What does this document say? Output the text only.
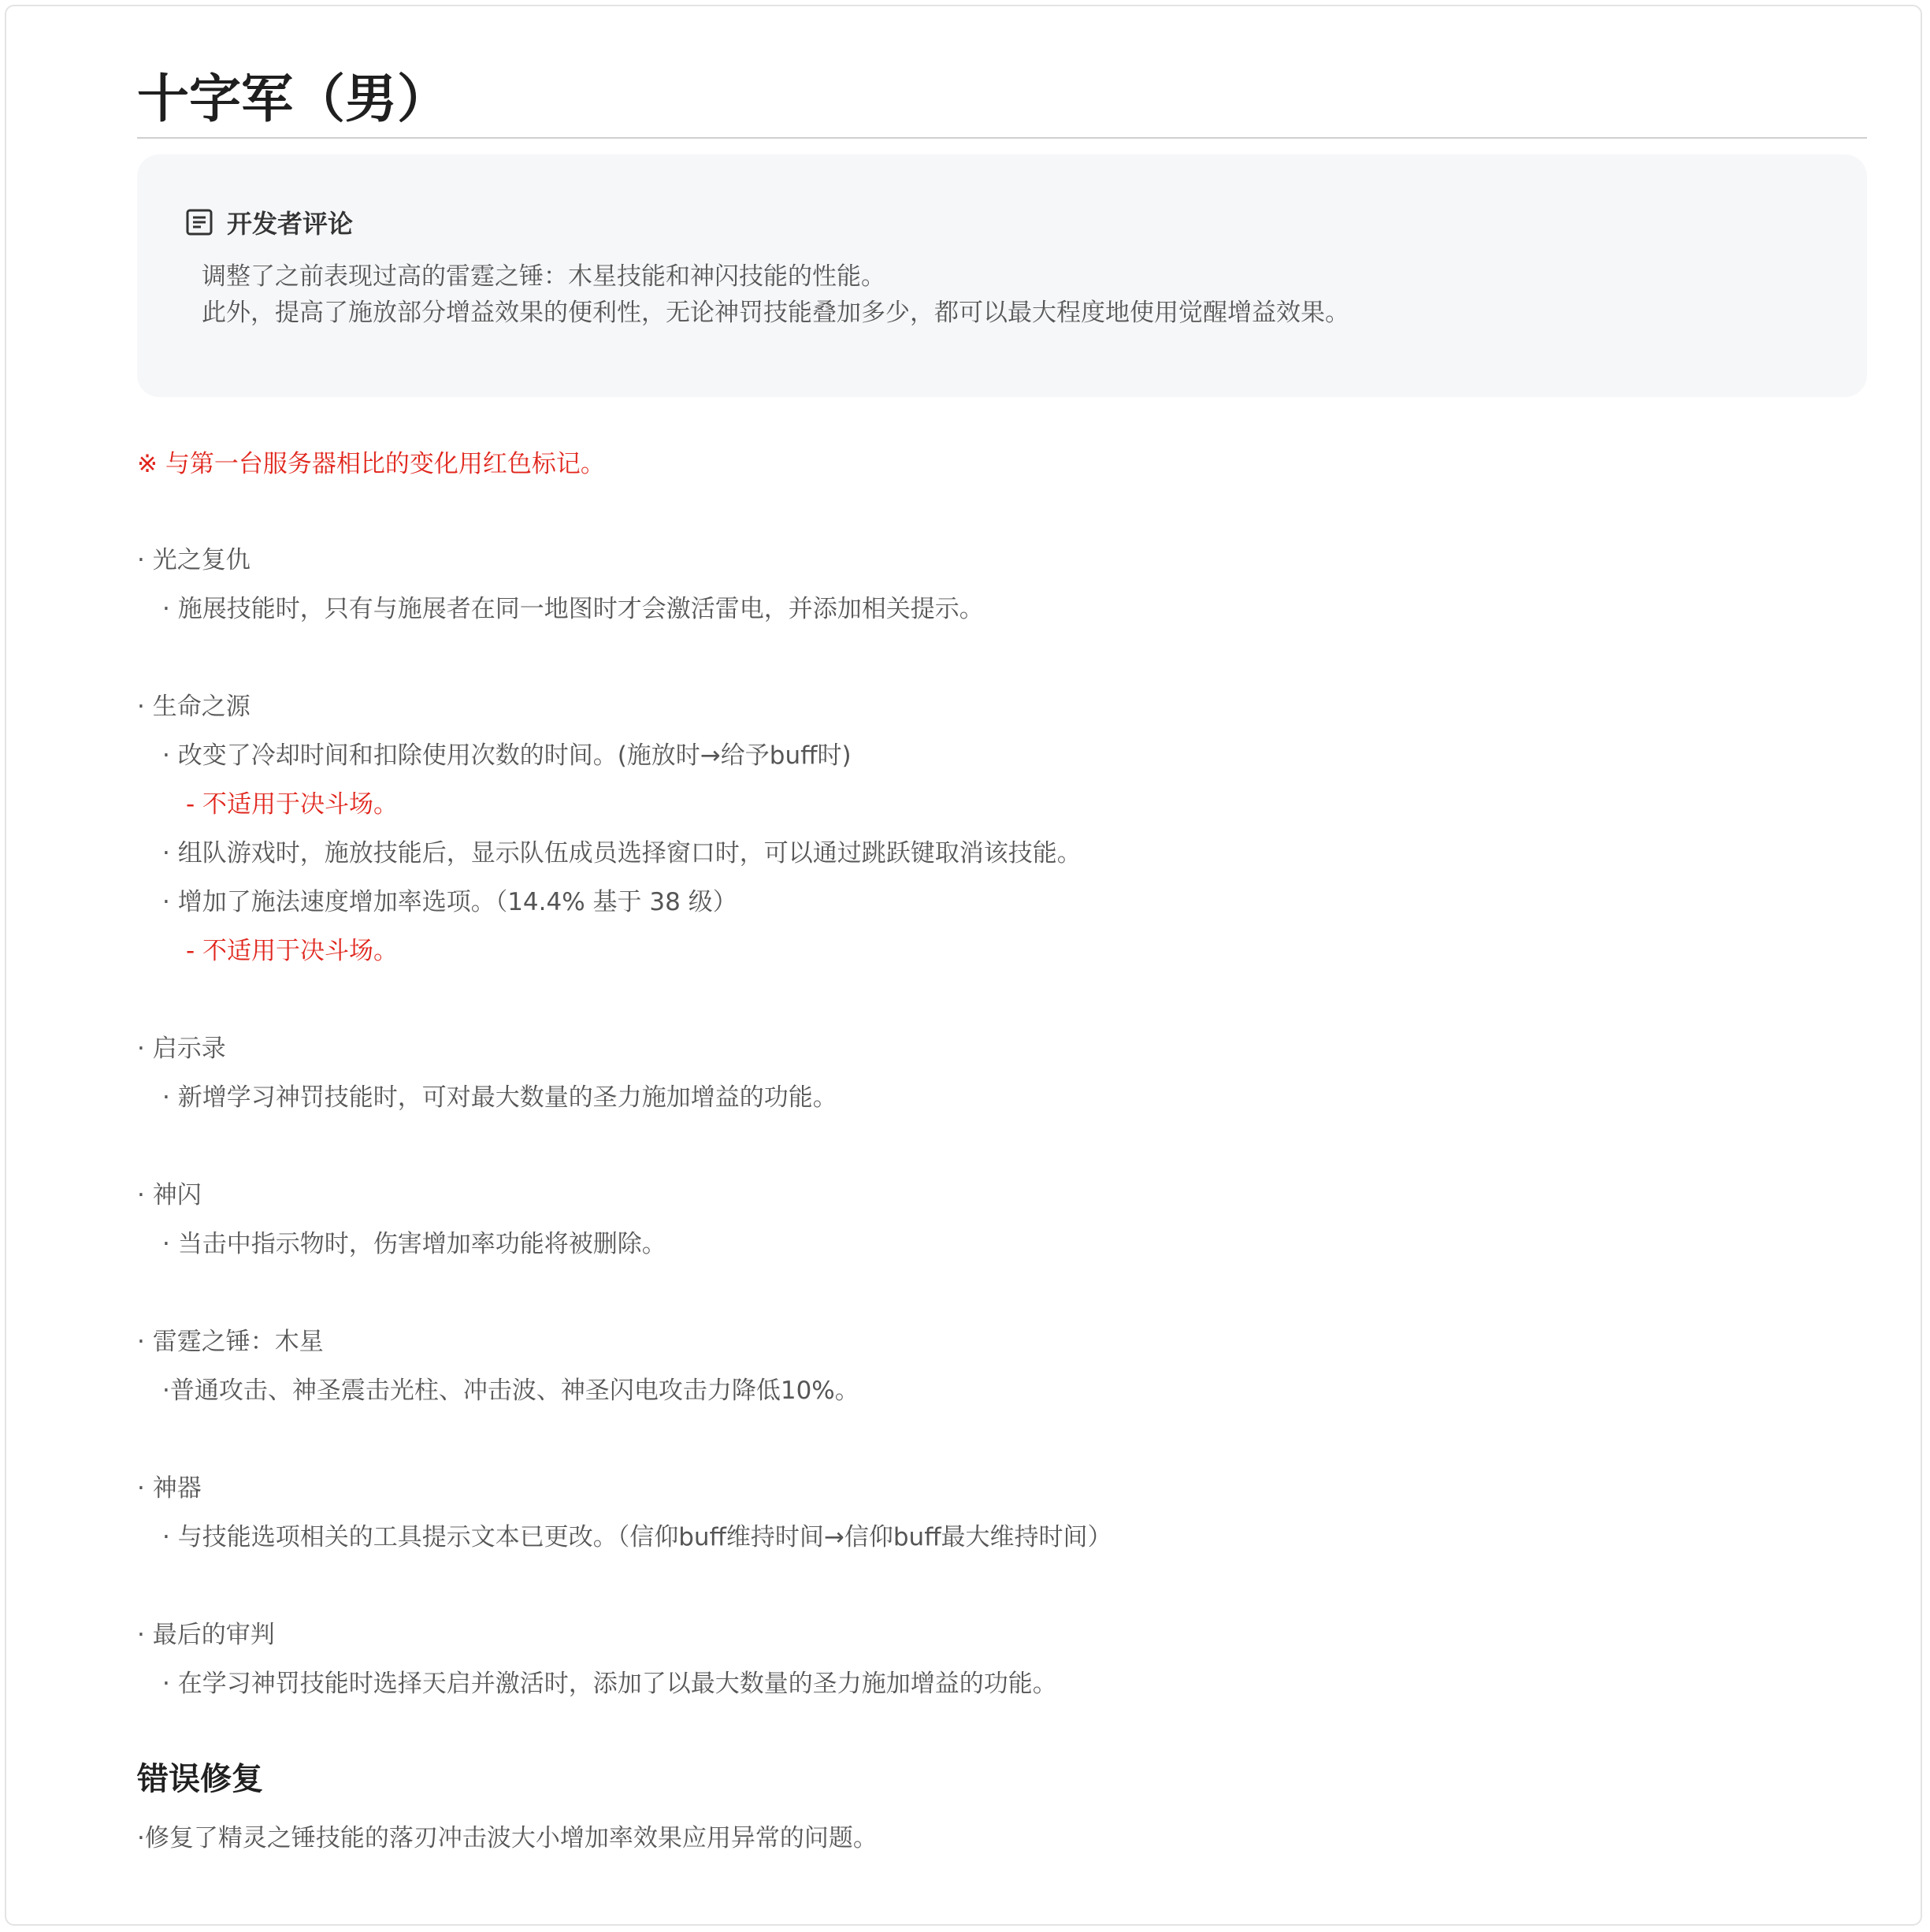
十字军（男）
开发者评论
调整了之前表现过高的雷霆之锤：木星技能和神闪技能的性能。
此外，提高了施放部分增益效果的便利性，无论神罚技能叠加多少，都可以最大程度地使用觉醒增益效果。
※ 与第一台服务器相比的变化用红色标记。
· 光之复仇
· 施展技能时，只有与施展者在同一地图时才会激活雷电，并添加相关提示。
· 生命之源
· 改变了冷却时间和扣除使用次数的时间。(施放时→给予buff时)
- 不适用于决斗场。
· 组队游戏时，施放技能后，显示队伍成员选择窗口时，可以通过跳跃键取消该技能。
· 增加了施法速度增加率选项。（14.4% 基于 38 级）
- 不适用于决斗场。
· 启示录
· 新增学习神罚技能时，可对最大数量的圣力施加增益的功能。
· 神闪
· 当击中指示物时，伤害增加率功能将被删除。
· 雷霆之锤：木星
·普通攻击、神圣震击光柱、冲击波、神圣闪电攻击力降低10%。
· 神器
· 与技能选项相关的工具提示文本已更改。（信仰buff维持时间→信仰buff最大维持时间）
· 最后的审判
· 在学习神罚技能时选择天启并激活时，添加了以最大数量的圣力施加增益的功能。
错误修复
·修复了精灵之锤技能的落刃冲击波大小增加率效果应用异常的问题。
